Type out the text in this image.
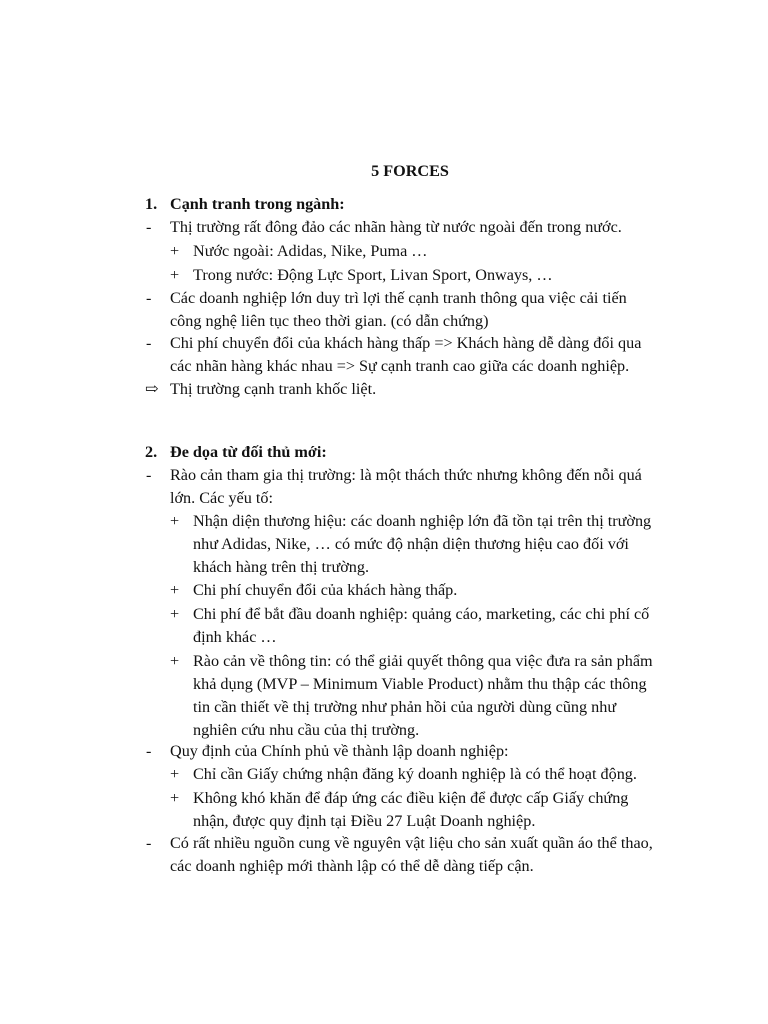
5 FORCES
1. Cạnh tranh trong ngành:
- Thị trường rất đông đảo các nhãn hàng từ nước ngoài đến trong nước.
+ Nước ngoài: Adidas, Nike, Puma …
+ Trong nước: Động Lực Sport, Livan Sport, Onways, …
- Các doanh nghiệp lớn duy trì lợi thế cạnh tranh thông qua việc cải tiến
công nghệ liên tục theo thời gian. (có dẫn chứng)
- Chi phí chuyển đổi của khách hàng thấp => Khách hàng dễ dàng đổi qua
các nhãn hàng khác nhau => Sự cạnh tranh cao giữa các doanh nghiệp.
⇨ Thị trường cạnh tranh khốc liệt.
2. Đe dọa từ đối thủ mới:
- Rào cản tham gia thị trường: là một thách thức nhưng không đến nỗi quá
lớn. Các yếu tố:
+ Nhận diện thương hiệu: các doanh nghiệp lớn đã tồn tại trên thị trường
như Adidas, Nike, … có mức độ nhận diện thương hiệu cao đối với
khách hàng trên thị trường.
+ Chi phí chuyển đổi của khách hàng thấp.
+ Chi phí để bắt đầu doanh nghiệp: quảng cáo, marketing, các chi phí cố
định khác …
+ Rào cản về thông tin: có thể giải quyết thông qua việc đưa ra sản phẩm
khả dụng (MVP – Minimum Viable Product) nhằm thu thập các thông
tin cần thiết về thị trường như phản hồi của người dùng cũng như
nghiên cứu nhu cầu của thị trường.
- Quy định của Chính phủ về thành lập doanh nghiệp:
+ Chỉ cần Giấy chứng nhận đăng ký doanh nghiệp là có thể hoạt động.
+ Không khó khăn để đáp ứng các điều kiện để được cấp Giấy chứng
nhận, được quy định tại Điều 27 Luật Doanh nghiệp.
- Có rất nhiều nguồn cung về nguyên vật liệu cho sản xuất quần áo thể thao,
các doanh nghiệp mới thành lập có thể dễ dàng tiếp cận.
